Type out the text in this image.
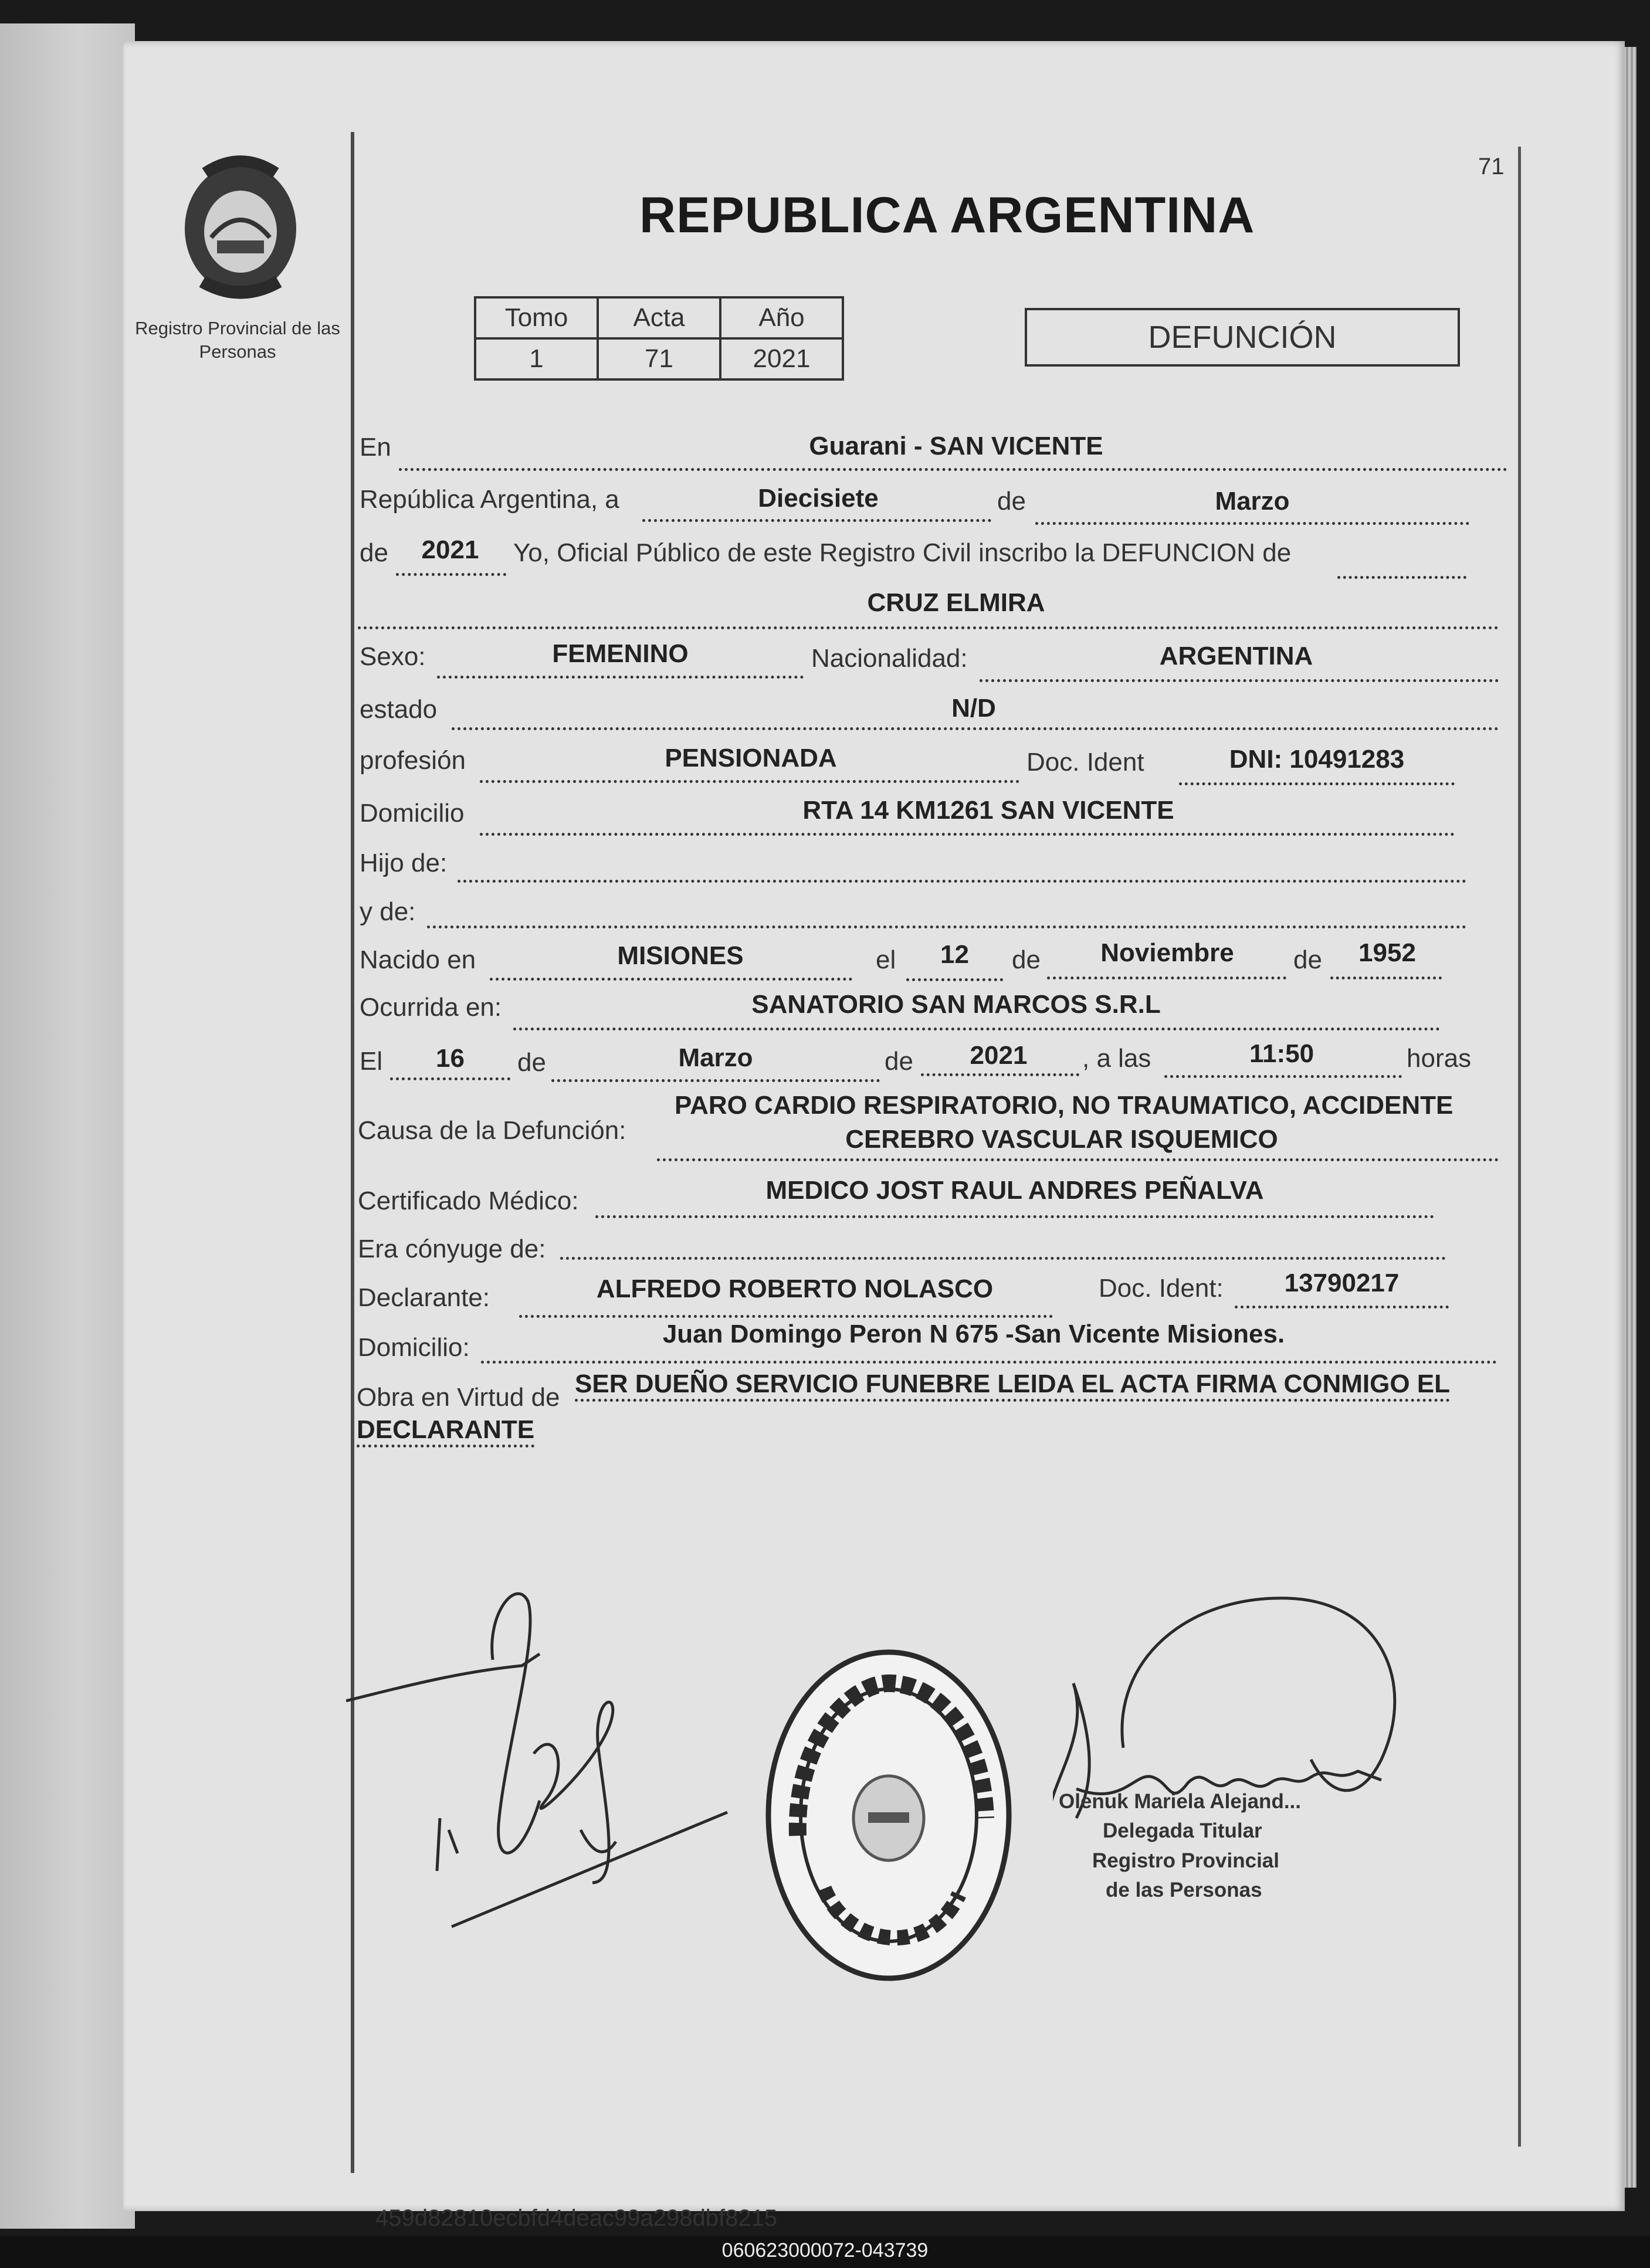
Registro Provincial de las Personas
71
REPUBLICA ARGENTINA
Tomo	Acta	Año
1	71	2021
DEFUNCIÓN
En	Guarani - SAN VICENTE
República Argentina, a	Diecisiete	de	Marzo
de	2021	Yo, Oficial Público de este Registro Civil inscribo la DEFUNCION de
CRUZ ELMIRA
Sexo:	FEMENINO	Nacionalidad:	ARGENTINA
estado	N/D
profesión	PENSIONADA	Doc. Ident	DNI: 10491283
Domicilio	RTA 14 KM1261 SAN VICENTE
Hijo de:
y de:
Nacido en	MISIONES	el	12	de	Noviembre	de	1952
Ocurrida en:	SANATORIO SAN MARCOS S.R.L
El	16	de	Marzo	de	2021	, a las	11:50	horas
Causa de la Defunción:
PARO CARDIO RESPIRATORIO, NO TRAUMATICO, ACCIDENTE
CEREBRO VASCULAR ISQUEMICO
Certificado Médico:	MEDICO JOST RAUL ANDRES PEÑALVA
Era cónyuge de:
Declarante:	ALFREDO ROBERTO NOLASCO	Doc. Ident:	13790217
Domicilio:	Juan Domingo Peron N 675 -San Vicente Misiones.
Obra en Virtud de SER DUEÑO SERVICIO FUNEBRE LEIDA EL ACTA FIRMA CONMIGO EL
DECLARANTE
Olenuk Mariela Alejand...
Delegada Titular
Registro Provincial
de las Personas
459d82810ecbfd4deac99a298dbf8215
060623000072-043739
